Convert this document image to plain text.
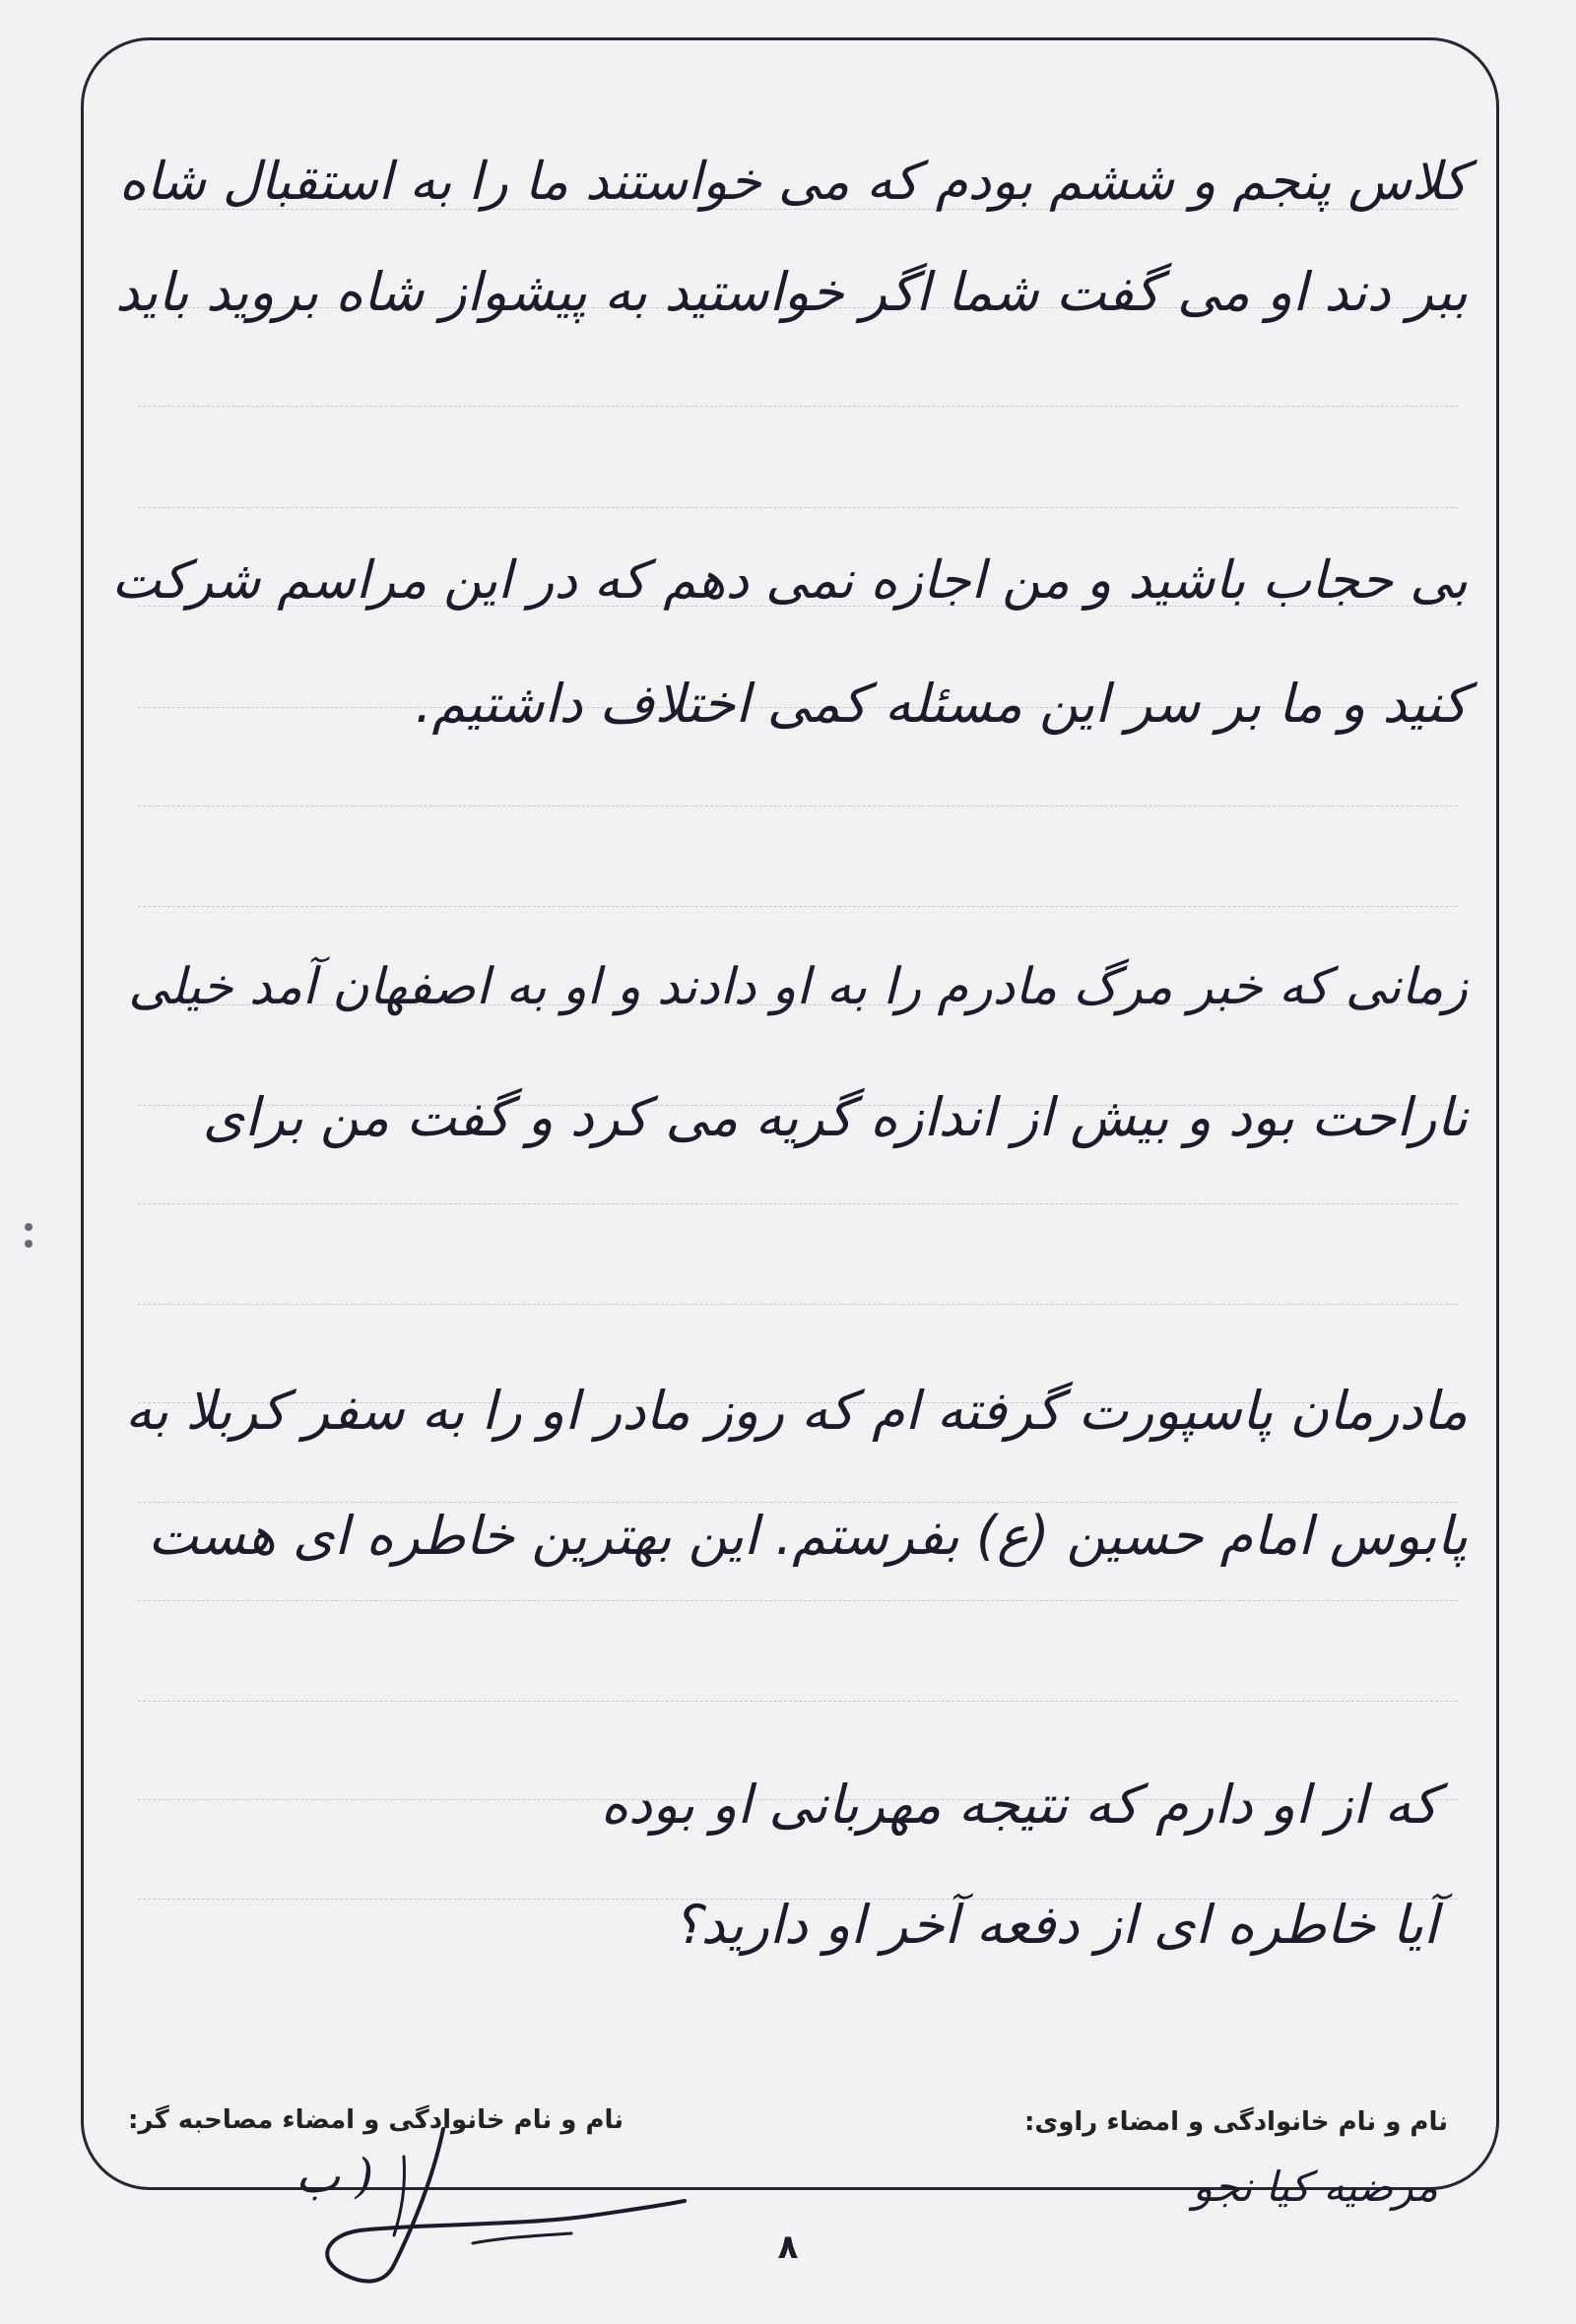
کلاس پنجم و ششم بودم که می خواستند ما را به استقبال شاه
ببر دند او می گفت شما اگر خواستید به پیشواز شاه بروید باید
بی حجاب باشید و من اجازه نمی دهم که در این مراسم شرکت
کنید و ما بر سر این مسئله کمی اختلاف داشتیم.
زمانی که خبر مرگ مادرم را به او دادند و او به اصفهان آمد خیلی
ناراحت بود و بیش از اندازه گریه می کرد و گفت من برای
مادرمان پاسپورت گرفته ام که روز مادر او را به سفر کربلا به
پابوس امام حسین (ع) بفرستم. این بهترین خاطره ای هست
که از او دارم که نتیجه مهربانی او بوده
آیا خاطره ای از دفعه آخر او دارید؟
نام و نام خانوادگی و امضاء مصاحبه گر:	نام و نام خانوادگی و امضاء راوی:
( ب	مرضیه کیا نجو
۸
